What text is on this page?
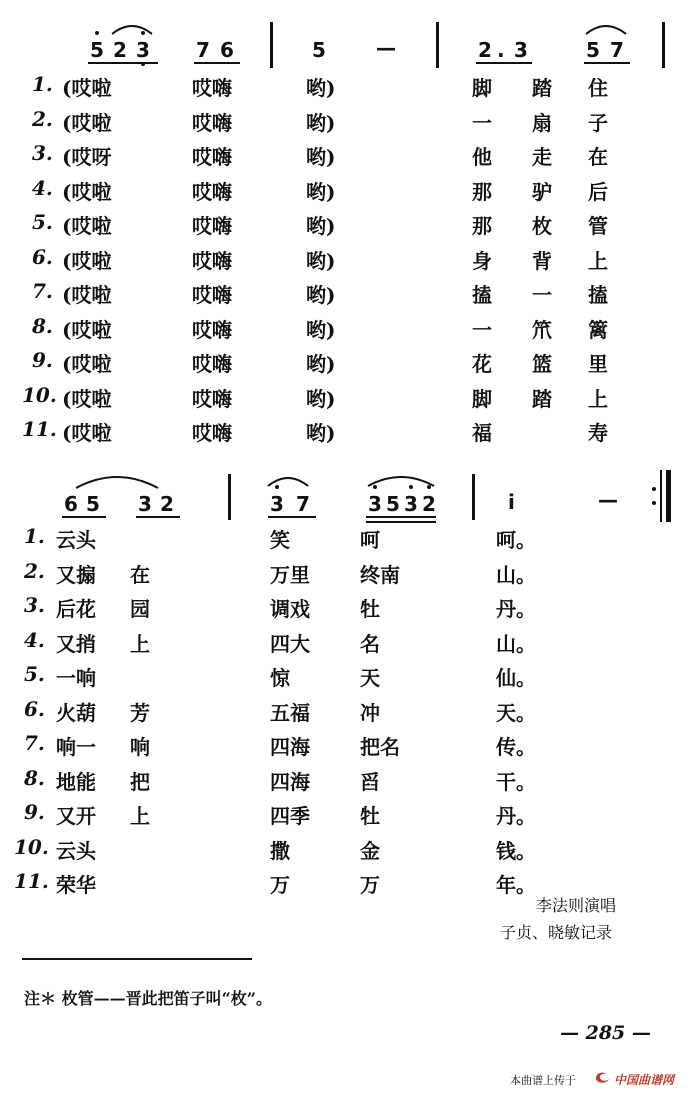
5 2 3 7 6	5 —	2 . 3	5 7
1. (哎啦	哎嗨	哟)	脚 踏 住
2. (哎啦	哎嗨	哟)	一 扇 子
3. (哎呀	哎嗨	哟)	他 走 在
4. (哎啦	哎嗨	哟)	那 驴 后
5. (哎啦	哎嗨	哟)	那 枚 管
6. (哎啦	哎嗨	哟)	身 背 上
7. (哎啦	哎嗨	哟)	搕 一 搕
8. (哎啦	哎嗨	哟)	一 笊 篱
9. (哎啦	哎嗨	哟)	花 篮 里
10. (哎啦	哎嗨	哟)	脚 踏 上
11. (哎啦	哎嗨	哟)	福	寿
6 5 3 2	3 7	3 5 3 2	i	—
1. 云头	笑	呵	呵。
2. 又搧 在	万里	终南	山。
3. 后花 园	调戏	牡	丹。
4. 又捎 上	四大	名	山。
5. 一响	惊	天	仙。
6. 火葫 芳	五福	冲	天。
7. 响一 响	四海	把名	传。
8. 地能 把	四海	舀	干。
9. 又开 上	四季	牡	丹。
10. 云头	撒	金	钱。
11. 荣华	万	万	年。
李法则演唱
子贞、晓敏记录
注＊ 枚管——晋此把笛子叫“枚”。
— 285 —
本曲谱上传于	中国曲谱网
